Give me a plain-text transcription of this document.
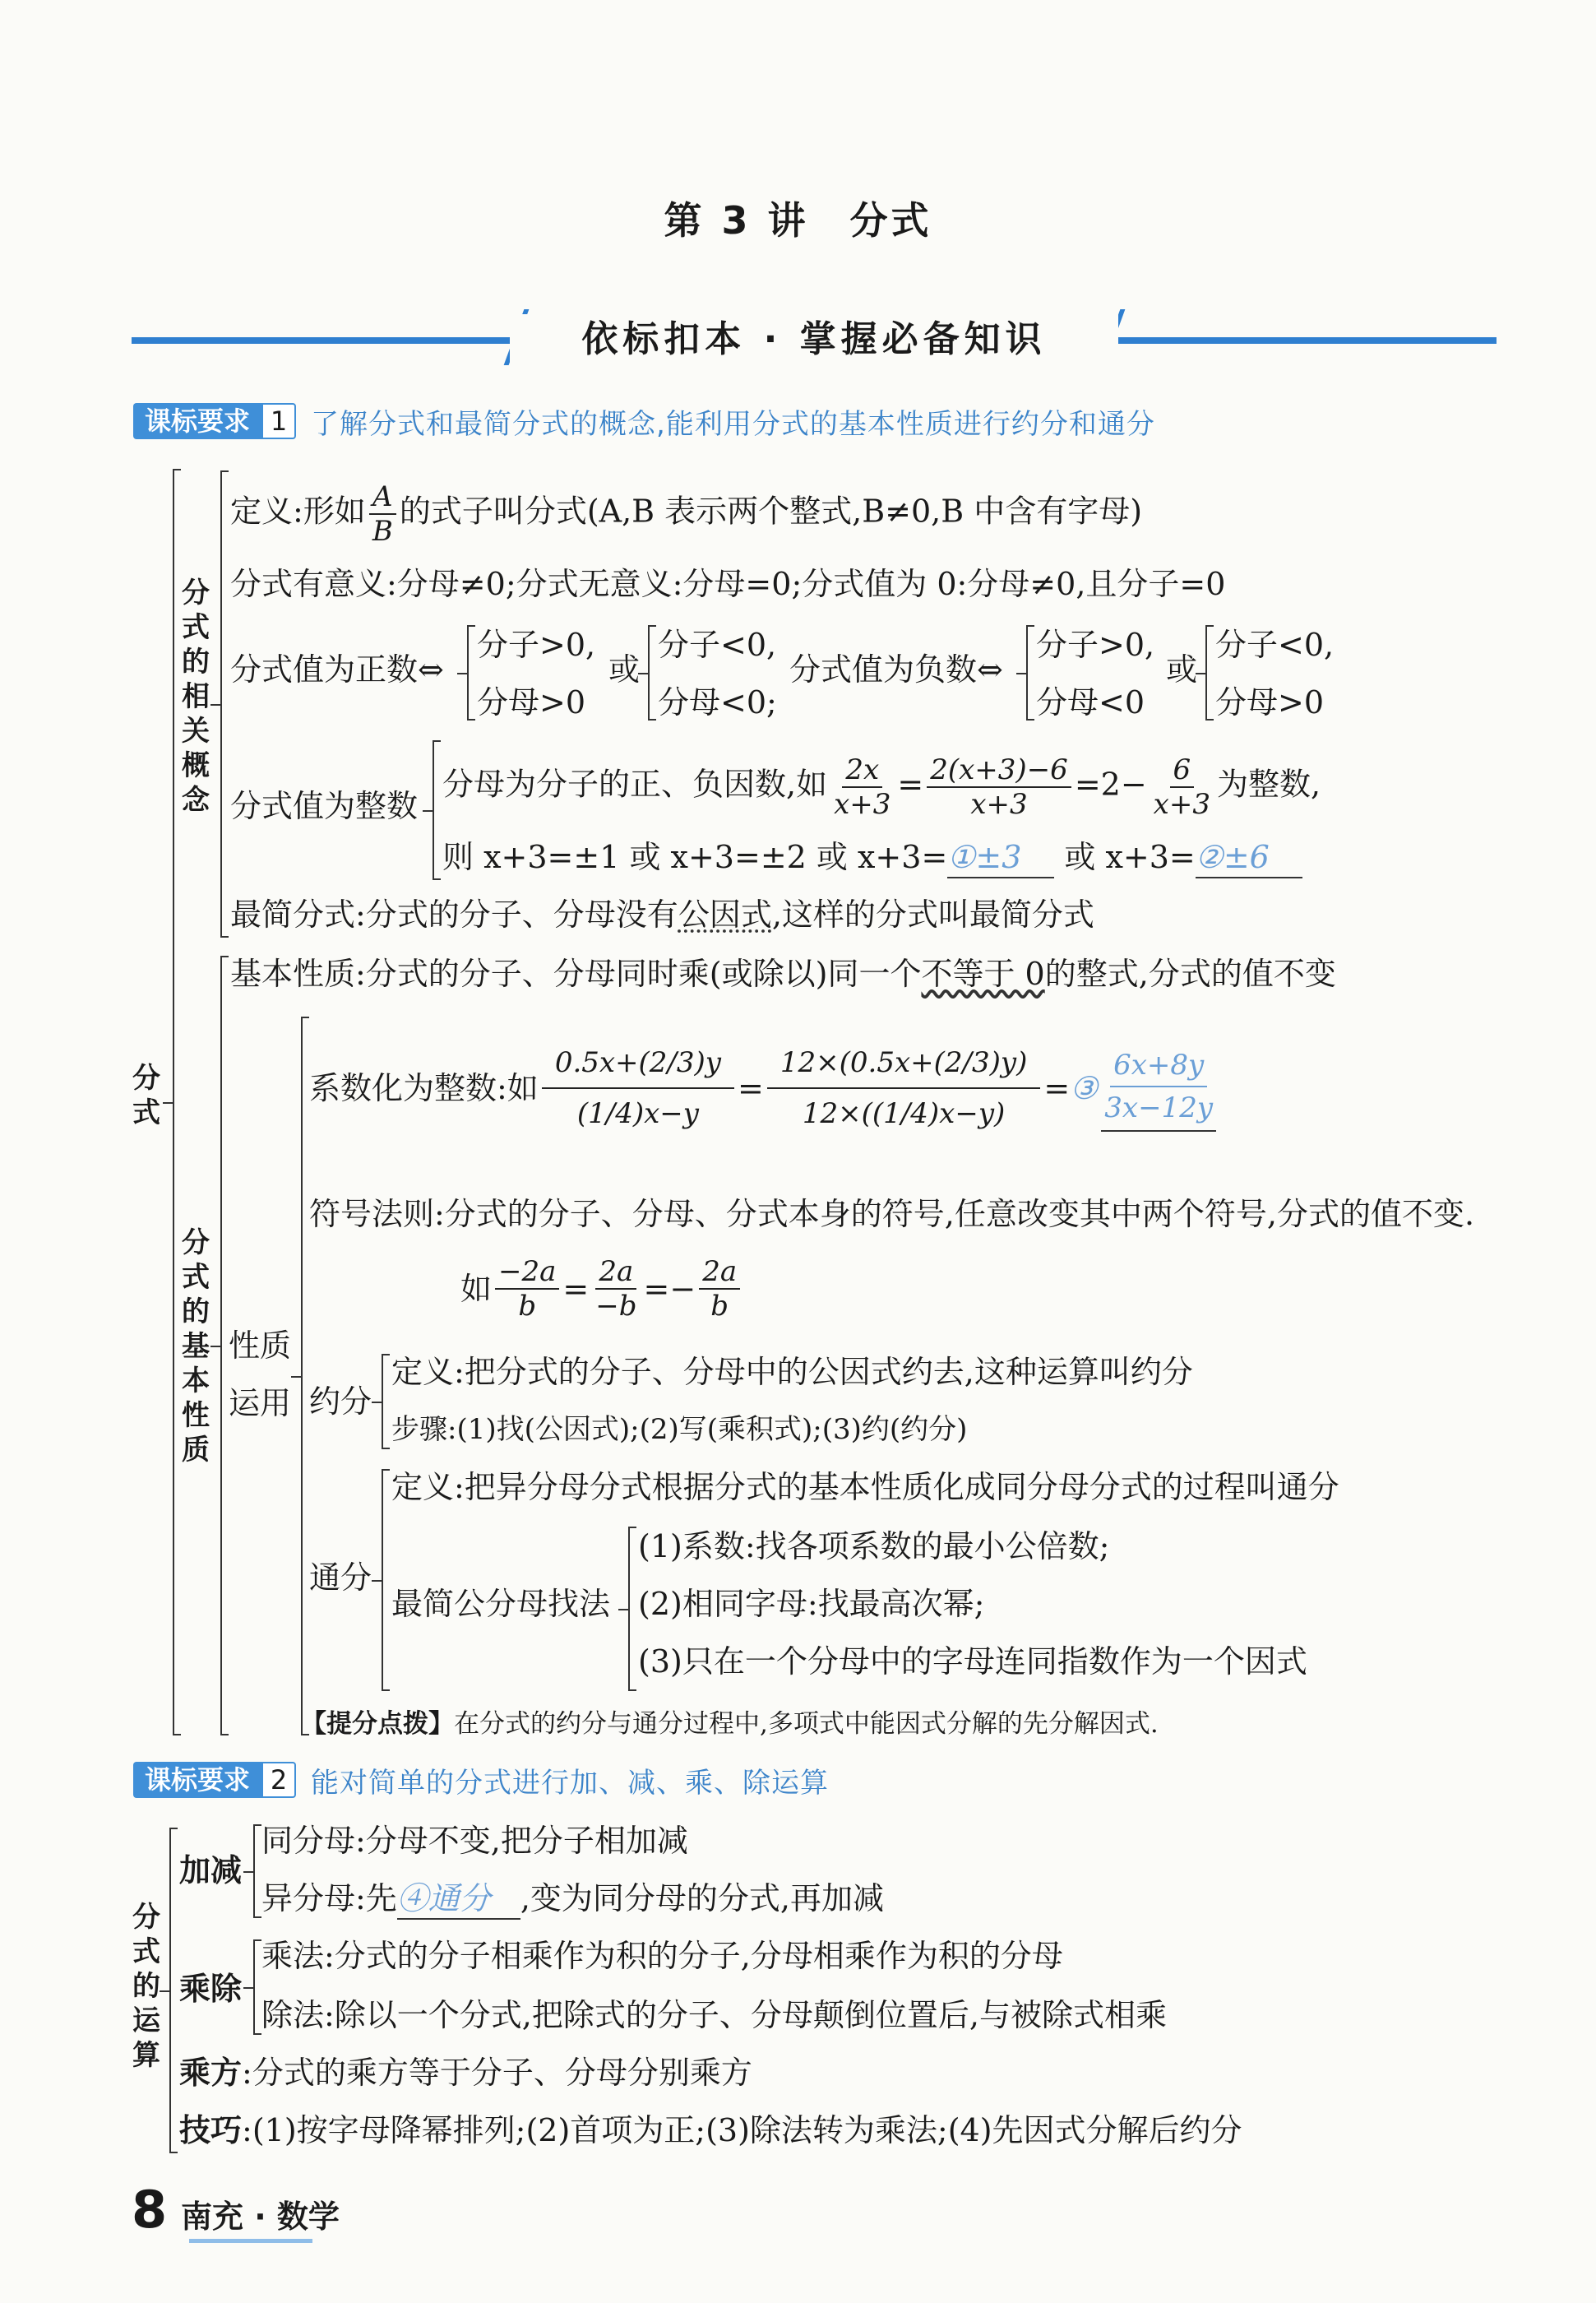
第 3 讲　分式
依标扣本 · 掌握必备知识
课标要求 1 了解分式和最简分式的概念,能利用分式的基本性质进行约分和通分
分式
分式的相关概念
定义:形如 $\frac{A}{B}$ 的式子叫分式(A,B 表示两个整式,B≠0,B 中含有字母)
分式有意义:分母≠0;分式无意义:分母=0;分式值为 0:分母≠0,且分子=0
分式值为正数⇔
分子>0,
分母>0
或
分子<0,
分母<0;
分式值为负数⇔
分子>0,
分母<0
或
分子<0,
分母>0
分式值为整数
分母为分子的正、负因数,如 $\frac{2x}{x+3} = \frac{2(x+3)-6}{x+3} =2- \frac{6}{x+3}$ 为整数,
则 x+3=±1 或 x+3=±2 或 x+3=①±3 或 x+3=②±6
最简分式:分式的分子、分母没有公因式,这样的分式叫最简分式
分式的基本性质
基本性质:分式的分子、分母同时乘(或除以)同一个不等于 0的整式,分式的值不变
性质
运用
系数化为整数:如 $\frac{0.5x+(2/3)y}{(1/4)x-y} = \frac{12\times(0.5x+(2/3)y)}{12\times((1/4)x-y)}$ = ③ $\frac{6x+8y}{3x-12y}$
符号法则:分式的分子、分母、分式本身的符号,任意改变其中两个符号,分式的值不变.
如 $\frac{-2a}{b} = \frac{2a}{-b} =- \frac{2a}{b}$
约分
定义:把分式的分子、分母中的公因式约去,这种运算叫约分
步骤:(1)找(公因式);(2)写(乘积式);(3)约(约分)
通分
定义:把异分母分式根据分式的基本性质化成同分母分式的过程叫通分
最简公分母找法
(1)系数:找各项系数的最小公倍数;
(2)相同字母:找最高次幂;
(3)只在一个分母中的字母连同指数作为一个因式
【提分点拨】在分式的约分与通分过程中,多项式中能因式分解的先分解因式.
课标要求 2 能对简单的分式进行加、减、乘、除运算
分式的运算
加减
同分母:分母不变,把分子相加减
异分母:先④通分 ,变为同分母的分式,再加减
乘除
乘法:分式的分子相乘作为积的分子,分母相乘作为积的分母
除法:除以一个分式,把除式的分子、分母颠倒位置后,与被除式相乘
乘方:分式的乘方等于分子、分母分别乘方
技巧:(1)按字母降幂排列;(2)首项为正;(3)除法转为乘法;(4)先因式分解后约分
8 南充 · 数学
